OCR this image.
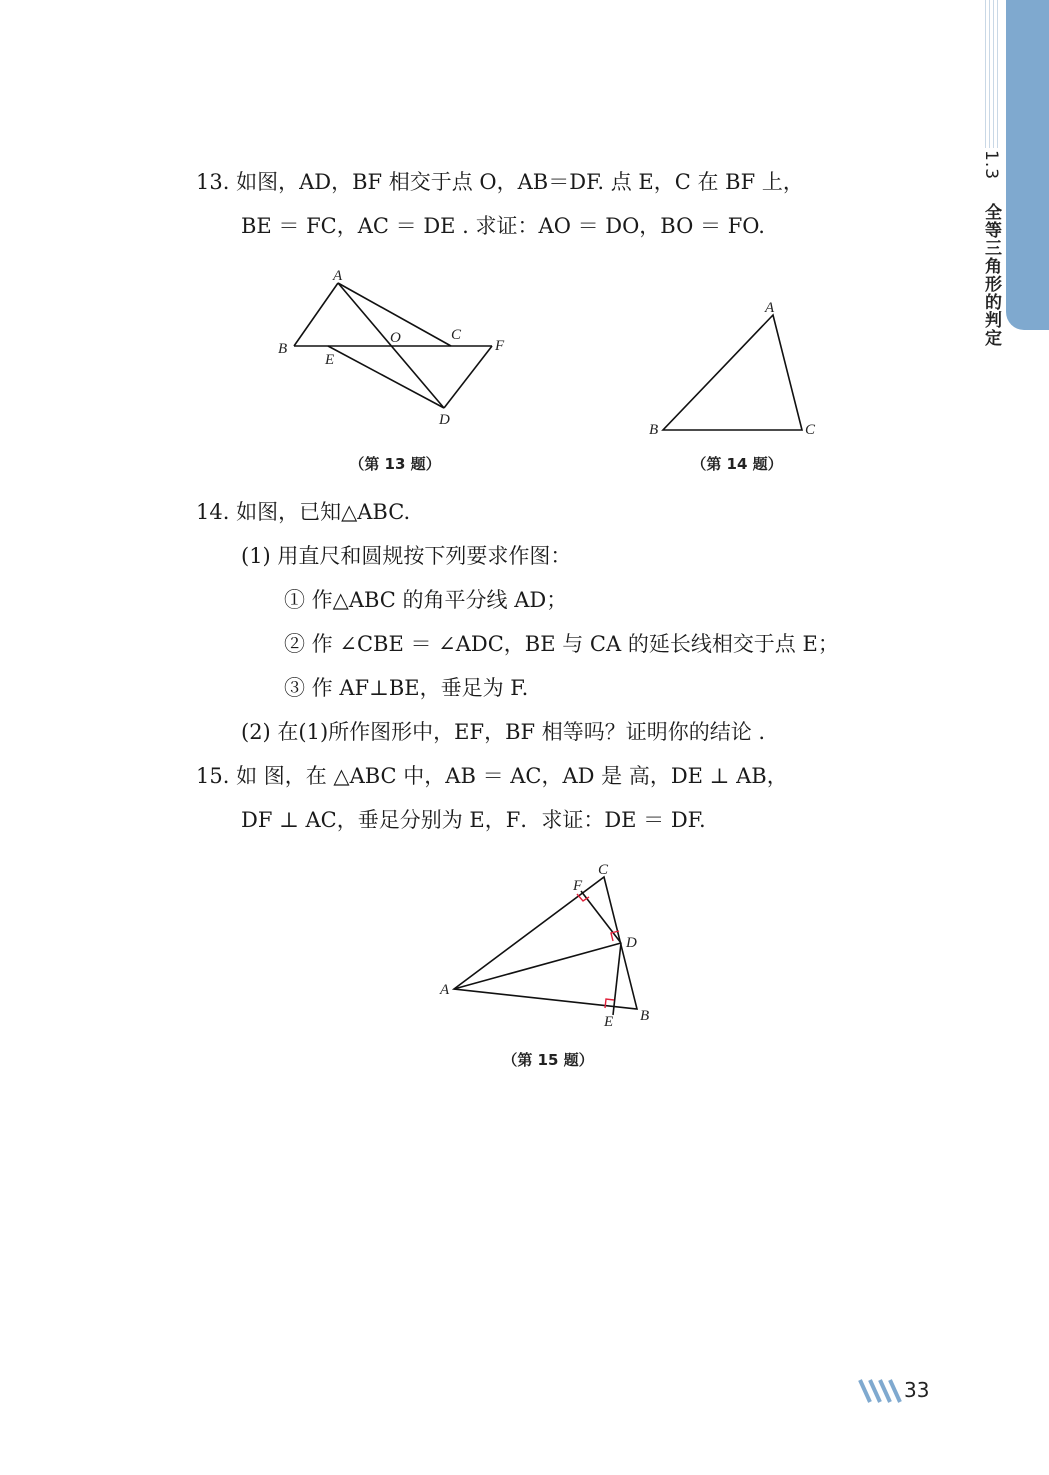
1.3 全等三角形的判定
13. 如图，AD，BF 相交于点 O，AB＝DF. 点 E，C 在 BF 上，
BE ＝ FC，AC ＝ DE . 求证：AO ＝ DO，BO ＝ FO.
A
B
C
D
E
F
O
（第 13 题）
A
B	C
（第 14 题）
14. 如图，已知△ABC.
(1) 用直尺和圆规按下列要求作图：
① 作△ABC 的角平分线 AD；
② 作 ∠CBE ＝ ∠ADC，BE 与 CA 的延长线相交于点 E；
③ 作 AF⊥BE，垂足为 F.
(2) 在(1)所作图形中，EF，BF 相等吗？证明你的结论 .
15. 如 图，在 △ABC 中，AB ＝ AC，AD 是 高，DE ⊥ AB，
DF ⊥ AC，垂足分别为 E，F．求证：DE ＝ DF.
A
B
C
D
E
F
（第 15 题）
33
